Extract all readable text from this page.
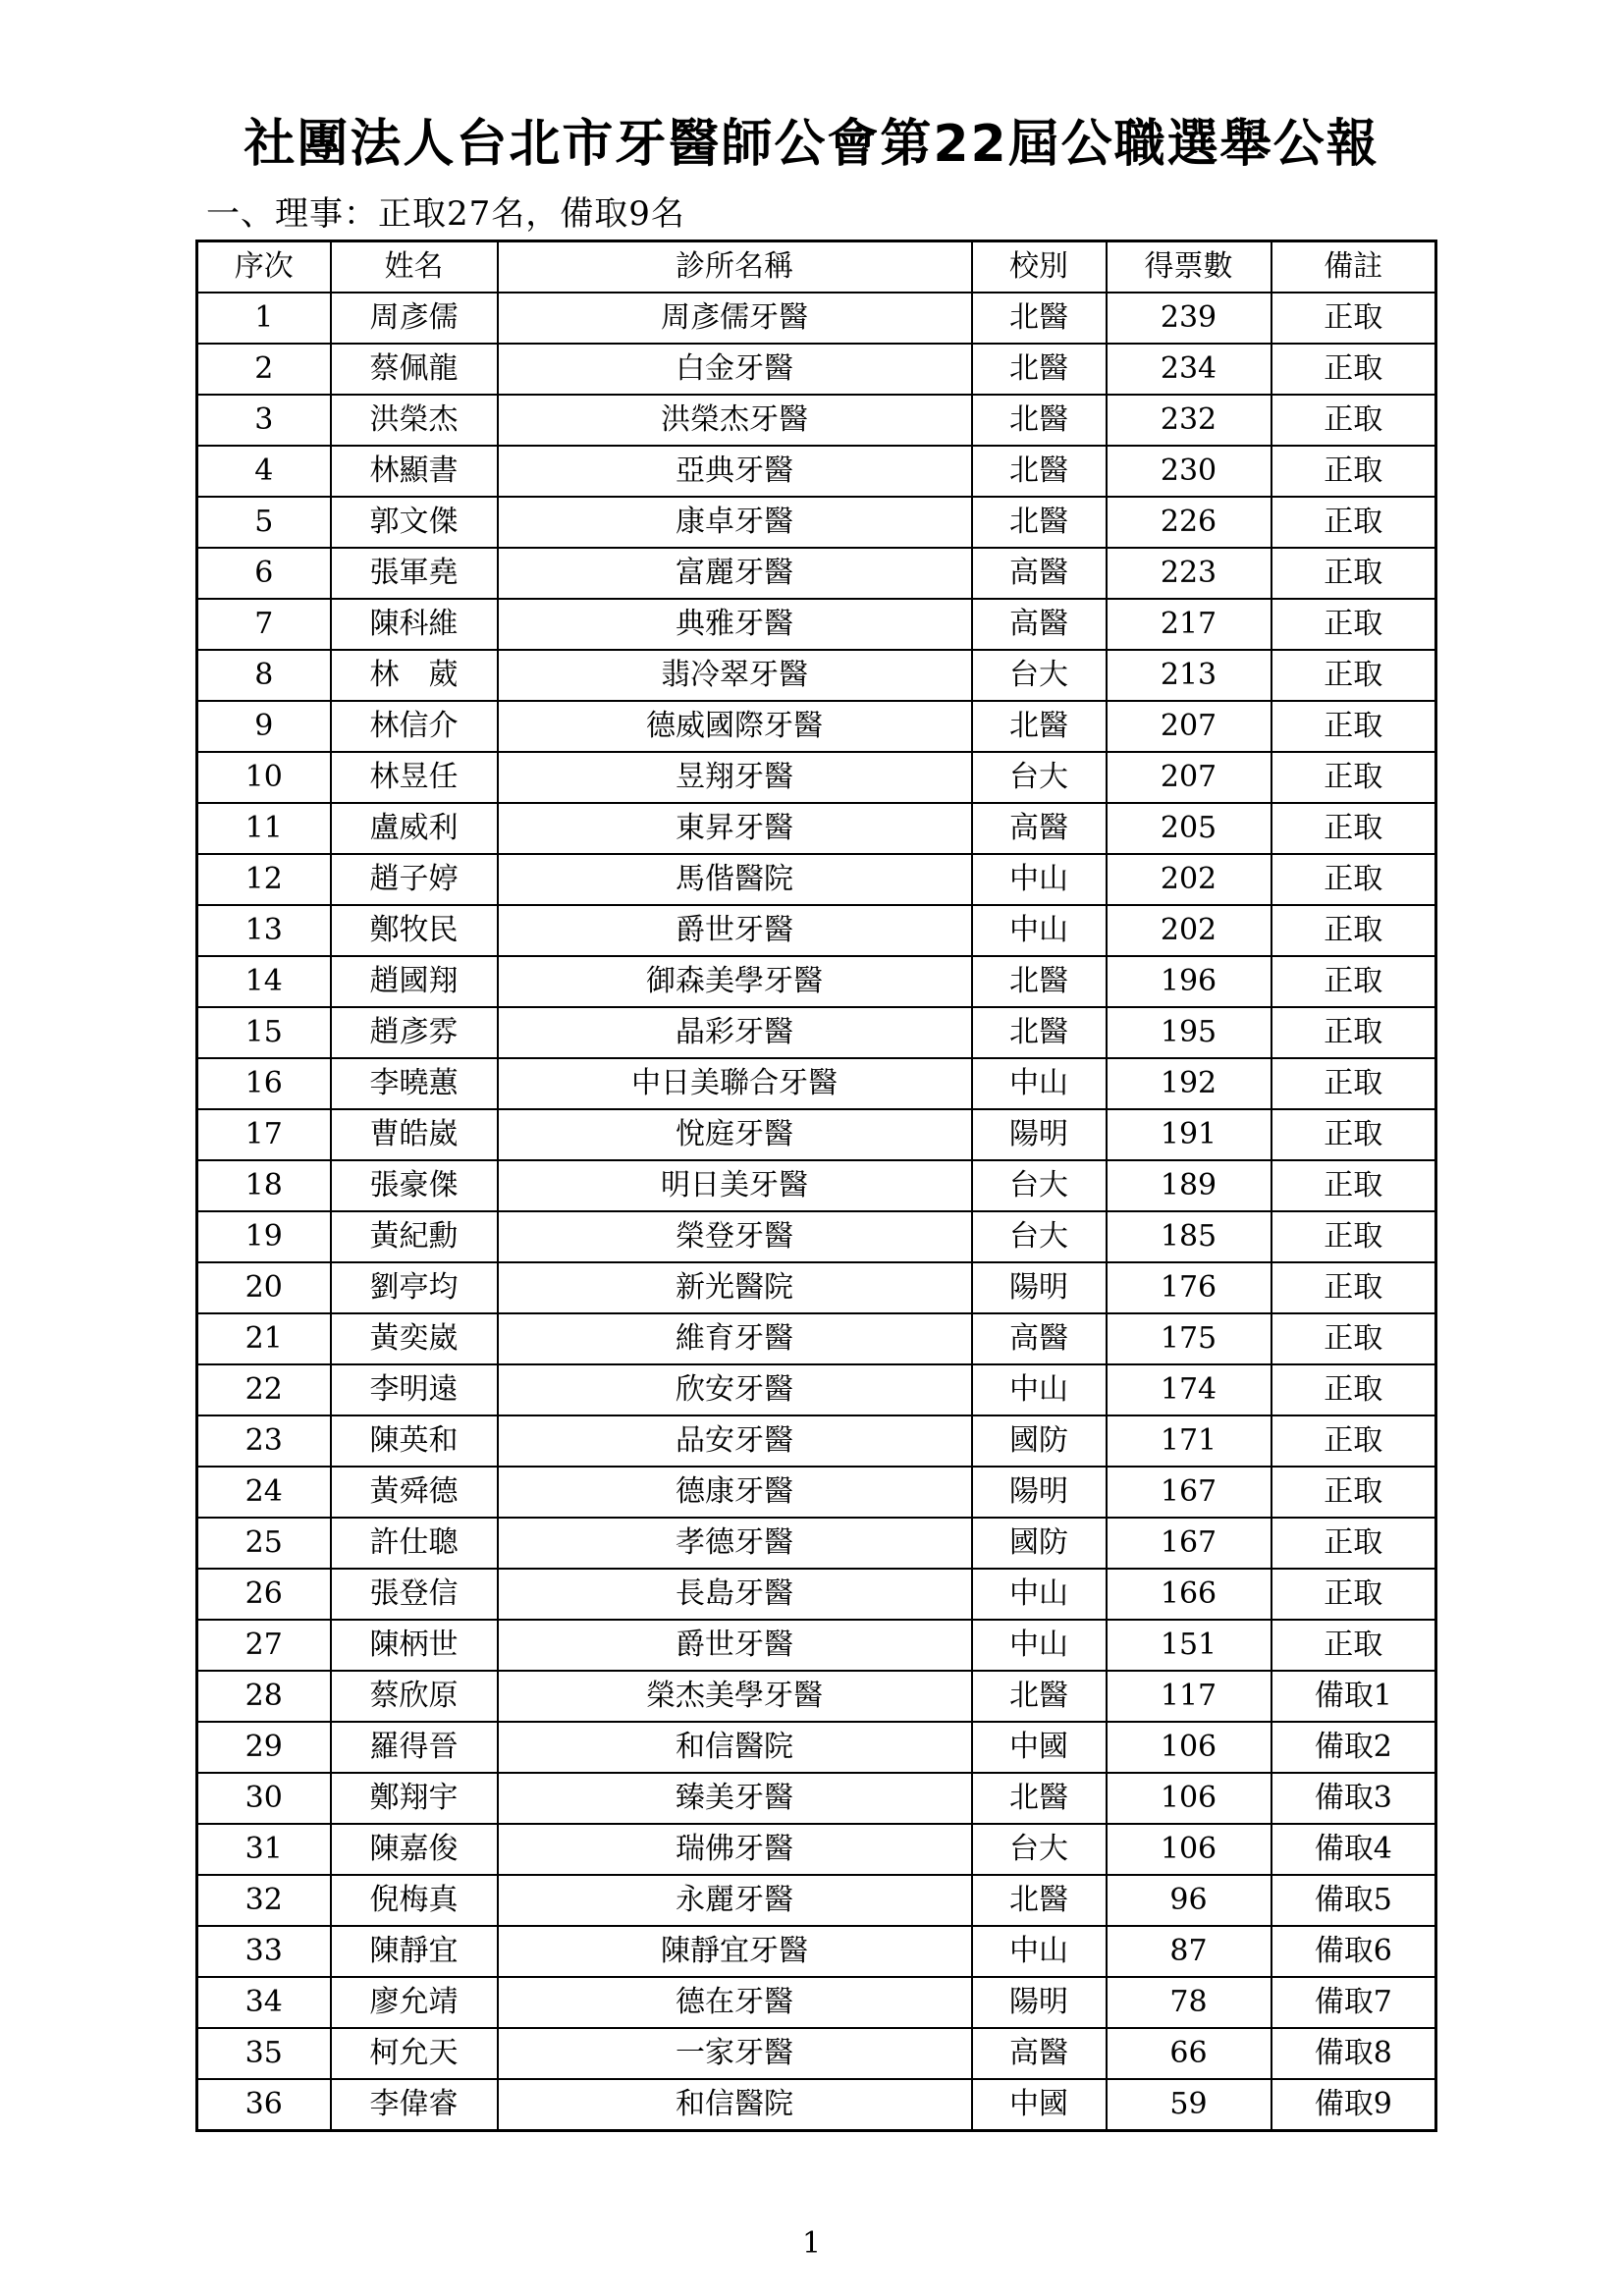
社團法人台北市牙醫師公會第22屆公職選舉公報
一、理事：正取27名，備取9名
序次	姓名	診所名稱	校別	得票數	備註
1	周彥儒	周彥儒牙醫	北醫	239	正取
2	蔡佩龍	白金牙醫	北醫	234	正取
3	洪榮杰	洪榮杰牙醫	北醫	232	正取
4	林顯書	亞典牙醫	北醫	230	正取
5	郭文傑	康卓牙醫	北醫	226	正取
6	張軍堯	富麗牙醫	高醫	223	正取
7	陳科維	典雅牙醫	高醫	217	正取
8	林　葳	翡冷翠牙醫	台大	213	正取
9	林信介	德威國際牙醫	北醫	207	正取
10	林昱任	昱翔牙醫	台大	207	正取
11	盧威利	東昇牙醫	高醫	205	正取
12	趙子婷	馬偕醫院	中山	202	正取
13	鄭牧民	爵世牙醫	中山	202	正取
14	趙國翔	御森美學牙醫	北醫	196	正取
15	趙彥雰	晶彩牙醫	北醫	195	正取
16	李曉蕙	中日美聯合牙醫	中山	192	正取
17	曹皓崴	悅庭牙醫	陽明	191	正取
18	張豪傑	明日美牙醫	台大	189	正取
19	黃紀勳	榮登牙醫	台大	185	正取
20	劉亭均	新光醫院	陽明	176	正取
21	黃奕崴	維育牙醫	高醫	175	正取
22	李明遠	欣安牙醫	中山	174	正取
23	陳英和	品安牙醫	國防	171	正取
24	黃舜德	德康牙醫	陽明	167	正取
25	許仕聰	孝德牙醫	國防	167	正取
26	張登信	長島牙醫	中山	166	正取
27	陳柄世	爵世牙醫	中山	151	正取
28	蔡欣原	榮杰美學牙醫	北醫	117	備取1
29	羅得晉	和信醫院	中國	106	備取2
30	鄭翔宇	臻美牙醫	北醫	106	備取3
31	陳嘉俊	瑞佛牙醫	台大	106	備取4
32	倪梅真	永麗牙醫	北醫	96	備取5
33	陳靜宜	陳靜宜牙醫	中山	87	備取6
34	廖允靖	德在牙醫	陽明	78	備取7
35	柯允天	一家牙醫	高醫	66	備取8
36	李偉睿	和信醫院	中國	59	備取9
1
